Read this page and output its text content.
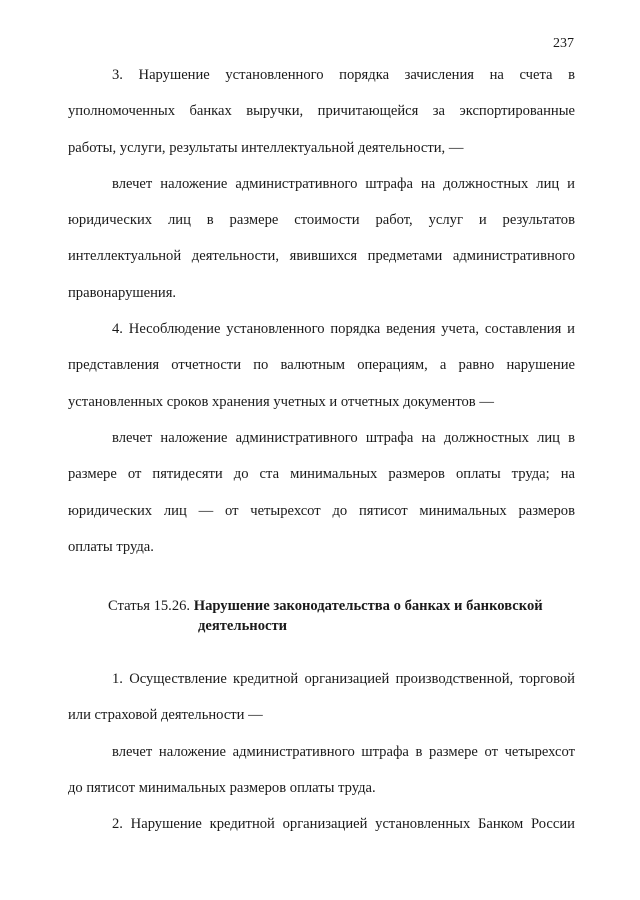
237
3. Нарушение установленного порядка зачисления на счета в
уполномоченных банках выручки, причитающейся за экспортированные
работы, услуги, результаты интеллектуальной деятельности, —
влечет наложение административного штрафа на должностных лиц и
юридических лиц в размере стоимости работ, услуг и результатов
интеллектуальной деятельности, явившихся предметами административного
правонарушения.
4. Несоблюдение установленного порядка ведения учета, составления и
представления отчетности по валютным операциям, а равно нарушение
установленных сроков хранения учетных и отчетных документов —
влечет наложение административного штрафа на должностных лиц в
размере от пятидесяти до ста минимальных размеров оплаты труда; на
юридических лиц — от четырехсот до пятисот минимальных размеров
оплаты труда.
Статья 15.26. Нарушение законодательства о банках и банковской
деятельности
1. Осуществление кредитной организацией производственной, торговой
или страховой деятельности —
влечет наложение административного штрафа в размере от четырехсот
до пятисот минимальных размеров оплаты труда.
2. Нарушение кредитной организацией установленных Банком России
